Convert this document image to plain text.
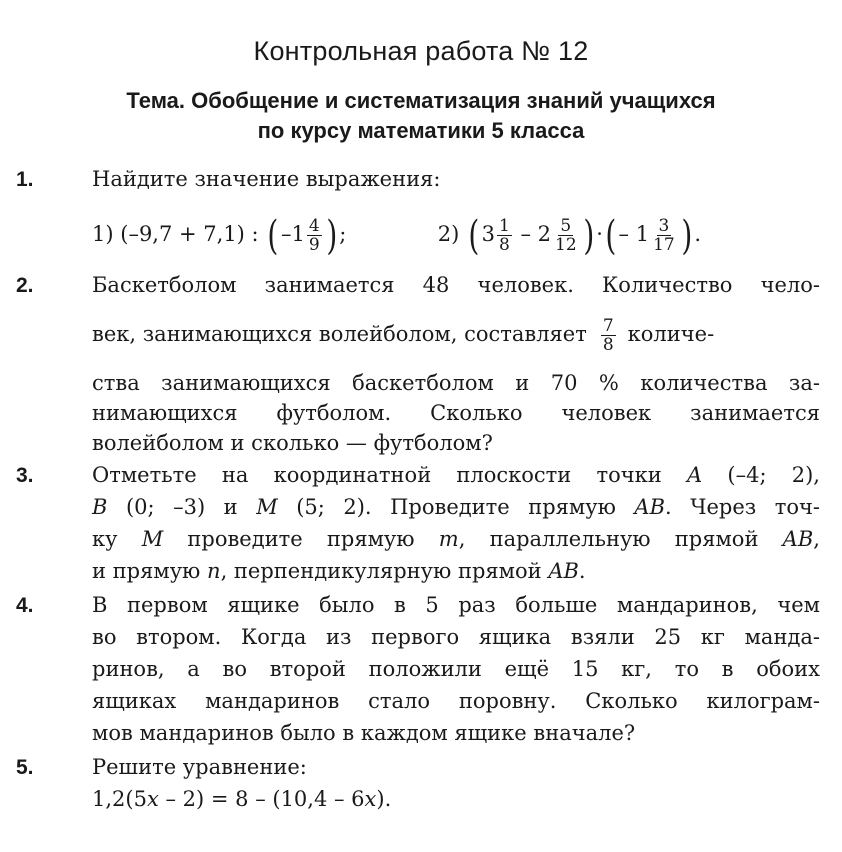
Контрольная работа № 12
Тема. Обобщение и систематизация знаний учащихся
по курсу математики 5 класса
1.	Найдите значение выражения:
1) (–9,7 + 7,1) : ( $-1 \frac{4}{9}$ ) ;	2) ( $3 \frac{1}{8} - 2 \frac{5}{12}$ ) ·( – $1 \frac{3}{17}$ ) .
2.	Баскетболом занимается 48 человек. Количество чело-
век, занимающихся волейболом, составляет $\frac{7}{8}$ количе-
ства занимающихся баскетболом и 70 % количества за-
нимающихся футболом. Сколько человек занимается
волейболом и сколько — футболом?
3.	Отметьте на координатной плоскости точки A (–4; 2),
B (0; –3) и M (5; 2). Проведите прямую AB. Через точ-
ку M проведите прямую m, параллельную прямой AB,
и прямую n, перпендикулярную прямой AB.
4.	В первом ящике было в 5 раз больше мандаринов, чем
во втором. Когда из первого ящика взяли 25 кг манда-
ринов, а во второй положили ещё 15 кг, то в обоих
ящиках мандаринов стало поровну. Сколько килограм-
мов мандаринов было в каждом ящике вначале?
5.	Решите уравнение:
1,2(5x – 2) = 8 – (10,4 – 6x).
